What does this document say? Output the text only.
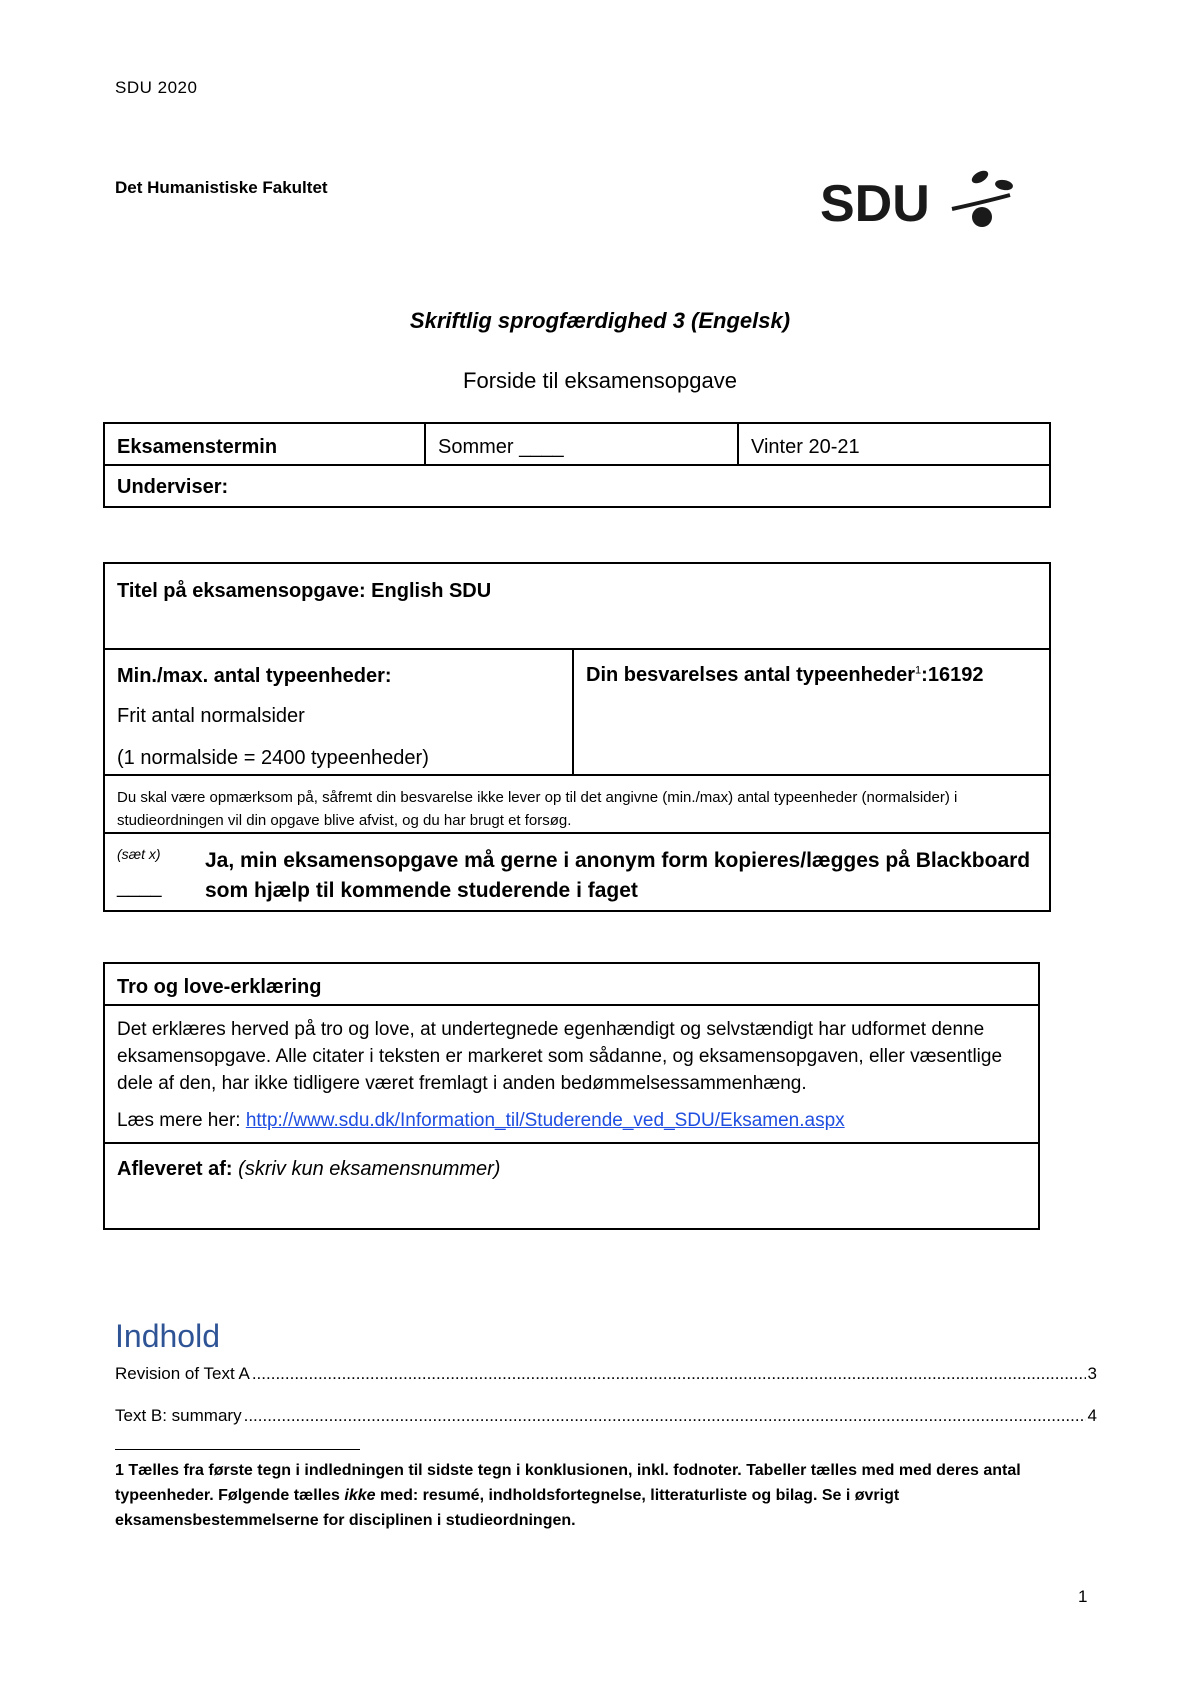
SDU 2020
Det Humanistiske Fakultet	SDU
Skriftlig sprogfærdighed 3 (Engelsk)
Forside til eksamensopgave
Eksamenstermin	Sommer ____	Vinter 20-21
Underviser:
Titel på eksamensopgave: English SDU

Min./max. antal typeenheder:
Frit antal normalsider
(1 normalside = 2400 typeenheder)
	Din besvarelses antal typeenheder$^1$:16192
Du skal være opmærksom på, såfremt din besvarelse ikke lever op til det angivne (min./max) antal typeenheder (normalsider) i studieordningen vil din opgave blive afvist, og du har brugt et forsøg.

(sæt x)
____
Ja, min eksamensopgave må gerne i anonym form kopieres/lægges på Blackboard som hjælp til kommende studerende i faget
Tro og love-erklæring

Det erklæres herved på tro og love, at undertegnede egenhændigt og selvstændigt har udformet denne eksamensopgave. Alle citater i teksten er markeret som sådanne, og eksamensopgaven, eller væsentlige dele af den, har ikke tidligere været fremlagt i anden bedømmelsessammenhæng.
Læs mere her: http://www.sdu.dk/Information_til/Studerende_ved_SDU/Eksamen.aspx

Afleveret af: (skriv kun eksamensnummer)
Indhold
Revision of Text A .....	3
Text B: summary .....	4
1 Tælles fra første tegn i indledningen til sidste tegn i konklusionen, inkl. fodnoter. Tabeller tælles med med deres antal typeenheder. Følgende tælles ikke med: resumé, indholdsfortegnelse, litteraturliste og bilag. Se i øvrigt eksamensbestemmelserne for disciplinen i studieordningen.
1
